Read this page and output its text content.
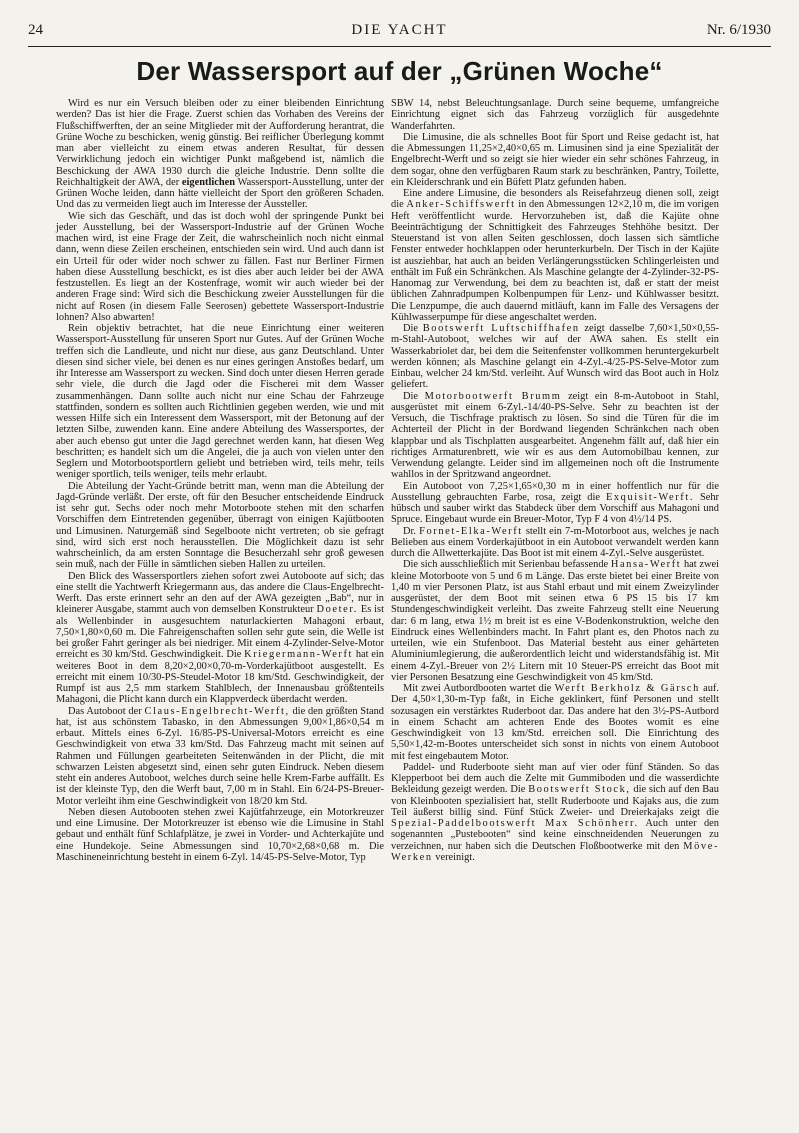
24	DIE YACHT	Nr. 6/1930
Der Wassersport auf der „Grünen Woche“

Wird es nur ein Versuch bleiben oder zu einer bleibenden Einrichtung werden? Das ist hier die Frage. Zuerst schien das Vorhaben des Vereins der Flußschiffwerften, der an seine Mitglieder mit der Aufforderung herantrat, die Grüne Woche zu beschicken, wenig günstig. Bei reiflicher Überlegung kommt man aber vielleicht zu einem etwas anderen Resultat, für dessen Verwirklichung jedoch ein wichtiger Punkt maßgebend ist, nämlich die Beschickung der AWA 1930 durch die gleiche Industrie. Denn sollte die Reichhaltigkeit der AWA, der eigentlichen Wassersport-Ausstellung, unter der Grünen Woche leiden, dann hätte vielleicht der Sport den größeren Schaden. Und das zu vermeiden liegt auch im Interesse der Aussteller.

Wie sich das Geschäft, und das ist doch wohl der springende Punkt bei jeder Ausstellung, bei der Wassersport-Industrie auf der Grünen Woche machen wird, ist eine Frage der Zeit, die wahrscheinlich noch nicht einmal dann, wenn diese Zeilen erscheinen, entschieden sein wird. Und auch dann ist ein Urteil für oder wider noch schwer zu fällen. Fast nur Berliner Firmen haben diese Ausstellung beschickt, es ist dies aber auch leider bei der AWA festzustellen. Es liegt an der Kostenfrage, womit wir auch wieder bei der anderen Frage sind: Wird sich die Beschickung zweier Ausstellungen für die nicht auf Rosen (in diesem Falle Seerosen) gebettete Wassersport-Industrie lohnen? Also abwarten!

Rein objektiv betrachtet, hat die neue Einrichtung einer weiteren Wassersport-Ausstellung für unseren Sport nur Gutes. Auf der Grünen Woche treffen sich die Landleute, und nicht nur diese, aus ganz Deutschland. Unter diesen sind sicher viele, bei denen es nur eines geringen Anstoßes bedarf, um ihr Interesse am Wassersport zu wecken. Sind doch unter diesen Herren gerade sehr viele, die durch die Jagd oder die Fischerei mit dem Wasser zusammenhängen. Dann sollte auch nicht nur eine Schau der Fahrzeuge stattfinden, sondern es sollten auch Richtlinien gegeben werden, wie und mit wessen Hilfe sich ein Interessent dem Wassersport, mit der Betonung auf der letzten Silbe, zuwenden kann. Eine andere Abteilung des Wassersportes, der aber auch ebenso gut unter die Jagd gerechnet werden kann, hat diesen Weg beschritten; es handelt sich um die Angelei, die ja auch von vielen unter den Seglern und Motorbootsportlern geliebt und betrieben wird, teils mehr, teils weniger sportlich, teils weniger, teils mehr erlaubt.

Die Abteilung der Yacht-Gründe betritt man, wenn man die Abteilung der Jagd-Gründe verläßt. Der erste, oft für den Besucher entscheidende Eindruck ist sehr gut. Sechs oder noch mehr Motorboote stehen mit den scharfen Vorschiffen dem Eintretenden gegenüber, überragt von einigen Kajütbooten und Limusinen. Naturgemäß sind Segelboote nicht vertreten; ob sie gefragt sind, wird sich erst noch herausstellen. Die Möglichkeit dazu ist sehr wahrscheinlich, da am ersten Sonntage die Besucherzahl sehr groß gewesen sein muß, nach der Fülle in sämtlichen sieben Hallen zu urteilen.

Den Blick des Wassersportlers ziehen sofort zwei Autoboote auf sich; das eine stellt die Yachtwerft Kriegermann aus, das andere die Claus-Engelbrecht-Werft. Das erste erinnert sehr an den auf der AWA gezeigten „Bab“, nur in kleinerer Ausgabe, stammt auch von demselben Konstrukteur Doeter. Es ist als Wellenbinder in ausgesuchtem naturlackierten Mahagoni erbaut, 7,50×1,80×0,60 m. Die Fahreigenschaften sollen sehr gute sein, die Welle ist bei großer Fahrt geringer als bei niedriger. Mit einem 4-Zylinder-Selve-Motor erreicht es 30 km/Std. Geschwindigkeit. Die Kriegermann-Werft hat ein weiteres Boot in dem 8,20×2,00×0,70-m-Vorderkajütboot ausgestellt. Es erreicht mit einem 10/30-PS-Steudel-Motor 18 km/Std. Geschwindigkeit, der Rumpf ist aus 2,5 mm starkem Stahlblech, der Innenausbau größtenteils Mahagoni, die Plicht kann durch ein Klappverdeck überdacht werden.

Das Autoboot der Claus-Engelbrecht-Werft, die den größten Stand hat, ist aus schönstem Tabasko, in den Abmessungen 9,00×1,86×0,54 m erbaut. Mittels eines 6-Zyl. 16/85-PS-Universal-Motors erreicht es eine Geschwindigkeit von etwa 33 km/Std. Das Fahrzeug macht mit seinen auf Rahmen und Füllungen gearbeiteten Seitenwänden in der Plicht, die mit schwarzen Leisten abgesetzt sind, einen sehr guten Eindruck. Neben diesem steht ein anderes Autoboot, welches durch seine helle Krem-Farbe auffällt. Es ist der kleinste Typ, den die Werft baut, 7,00 m in Stahl. Ein 6/24-PS-Breuer-Motor verleiht ihm eine Geschwindigkeit von 18/20 km Std.

Neben diesen Autobooten stehen zwei Kajütfahrzeuge, ein Motorkreuzer und eine Limusine. Der Motorkreuzer ist ebenso wie die Limusine in Stahl gebaut und enthält fünf Schlafplätze, je zwei in Vorder- und Achterkajüte und eine Hundekoje. Seine Abmessungen sind 10,70×2,68×0,68 m. Die Maschineneinrichtung besteht in einem 6-Zyl. 14/45-PS-Selve-Motor, Typ

SBW 14, nebst Beleuchtungsanlage. Durch seine bequeme, umfangreiche Einrichtung eignet sich das Fahrzeug vorzüglich für ausgedehnte Wanderfahrten.

Die Limusine, die als schnelles Boot für Sport und Reise gedacht ist, hat die Abmessungen 11,25×2,40×0,65 m. Limusinen sind ja eine Spezialität der Engelbrecht-Werft und so zeigt sie hier wieder ein sehr schönes Fahrzeug, in dem sogar, ohne den verfügbaren Raum stark zu beschränken, Pantry, Toilette, ein Kleiderschrank und ein Büfett Platz gefunden haben.

Eine andere Limusine, die besonders als Reisefahrzeug dienen soll, zeigt die Anker-Schiffswerft in den Abmessungen 12×2,10 m, die im vorigen Heft veröffentlicht wurde. Hervorzuheben ist, daß die Kajüte ohne Beeinträchtigung der Schnittigkeit des Fahrzeuges Stehhöhe besitzt. Der Steuerstand ist von allen Seiten geschlossen, doch lassen sich sämtliche Fenster entweder hochklappen oder herunterkurbeln. Der Tisch in der Kajüte ist ausziehbar, hat auch an beiden Verlängerungsstücken Schlingerleisten und enthält im Fuß ein Schränkchen. Als Maschine gelangte der 4-Zylinder-32-PS-Hanomag zur Verwendung, bei dem zu beachten ist, daß er statt der meist üblichen Zahnradpumpen Kolbenpumpen für Lenz- und Kühlwasser besitzt. Die Lenzpumpe, die auch dauernd mitläuft, kann im Falle des Versagens der Kühlwasserpumpe für diese angeschaltet werden.

Die Bootswerft Luftschiffhafen zeigt dasselbe 7,60×1,50×0,55-m-Stahl-Autoboot, welches wir auf der AWA sahen. Es stellt ein Wasserkabriolet dar, bei dem die Seitenfenster vollkommen heruntergekurbelt werden können; als Maschine gelangt ein 4-Zyl.-4/25-PS-Selve-Motor zum Einbau, welcher 24 km/Std. verleiht. Auf Wunsch wird das Boot auch in Holz geliefert.

Die Motorbootwerft Brumm zeigt ein 8-m-Autoboot in Stahl, ausgerüstet mit einem 6-Zyl.-14/40-PS-Selve. Sehr zu beachten ist der Versuch, die Tischfrage praktisch zu lösen. So sind die Türen für die im Achterteil der Plicht in der Bordwand liegenden Schränkchen nach oben klappbar und als Tischplatten ausgearbeitet. Angenehm fällt auf, daß hier ein richtiges Armaturenbrett, wie wir es aus dem Automobilbau kennen, zur Verwendung gelangte. Leider sind im allgemeinen noch oft die Instrumente wahllos in der Spritzwand angeordnet.

Ein Autoboot von 7,25×1,65×0,30 m in einer hoffentlich nur für die Ausstellung gebrauchten Farbe, rosa, zeigt die Exquisit-Werft. Sehr hübsch und sauber wirkt das Stabdeck über dem Vorschiff aus Mahagoni und Spruce. Eingebaut wurde ein Breuer-Motor, Typ F 4 von 4½/14 PS.

Dr. Fornet-Elka-Werft stellt ein 7-m-Motorboot aus, welches je nach Belieben aus einem Vorderkajütboot in ein Autoboot verwandelt werden kann durch die Allwetterkajüte. Das Boot ist mit einem 4-Zyl.-Selve ausgerüstet.

Die sich ausschließlich mit Serienbau befassende Hansa-Werft hat zwei kleine Motorboote von 5 und 6 m Länge. Das erste bietet bei einer Breite von 1,40 m vier Personen Platz, ist aus Stahl erbaut und mit einem Zweizylinder ausgerüstet, der dem Boot mit seinen etwa 6 PS 15 bis 17 km Stundengeschwindigkeit verleiht. Das zweite Fahrzeug stellt eine Neuerung dar: 6 m lang, etwa 1½ m breit ist es eine V-Bodenkonstruktion, welche den Eindruck eines Wellenbinders macht. In Fahrt plant es, den Photos nach zu urteilen, wie ein Stufenboot. Das Material besteht aus einer gehärteten Aluminiumlegierung, die außerordentlich leicht und widerstandsfähig ist. Mit einem 4-Zyl.-Breuer von 2½ Litern mit 10 Steuer-PS erreicht das Boot mit vier Personen Besatzung eine Geschwindigkeit von 45 km/Std.

Mit zwei Autbordbooten wartet die Werft Berkholz & Gärsch auf. Der 4,50×1,30-m-Typ faßt, in Eiche geklinkert, fünf Personen und stellt sozusagen ein verstärktes Ruderboot dar. Das andere hat den 3½-PS-Autbord in einem Schacht am achteren Ende des Bootes womit es eine Geschwindigkeit von 13 km/Std. erreichen soll. Die Einrichtung des 5,50×1,42-m-Bootes unterscheidet sich sonst in nichts von einem Autoboot mit fest eingebautem Motor.

Paddel- und Ruderboote sieht man auf vier oder fünf Ständen. So das Klepperboot bei dem auch die Zelte mit Gummiboden und die wasserdichte Bekleidung gezeigt werden. Die Bootswerft Stock, die sich auf den Bau von Kleinbooten spezialisiert hat, stellt Ruderboote und Kajaks aus, die zum Teil äußerst billig sind. Fünf Stück Zweier- und Dreierkajaks zeigt die Spezial-Paddelbootswerft Max Schönherr. Auch unter den sogenannten „Pustebooten“ sind keine einschneidenden Neuerungen zu verzeichnen, nur haben sich die Deutschen Floßbootwerke mit den Möve-Werken vereinigt.
